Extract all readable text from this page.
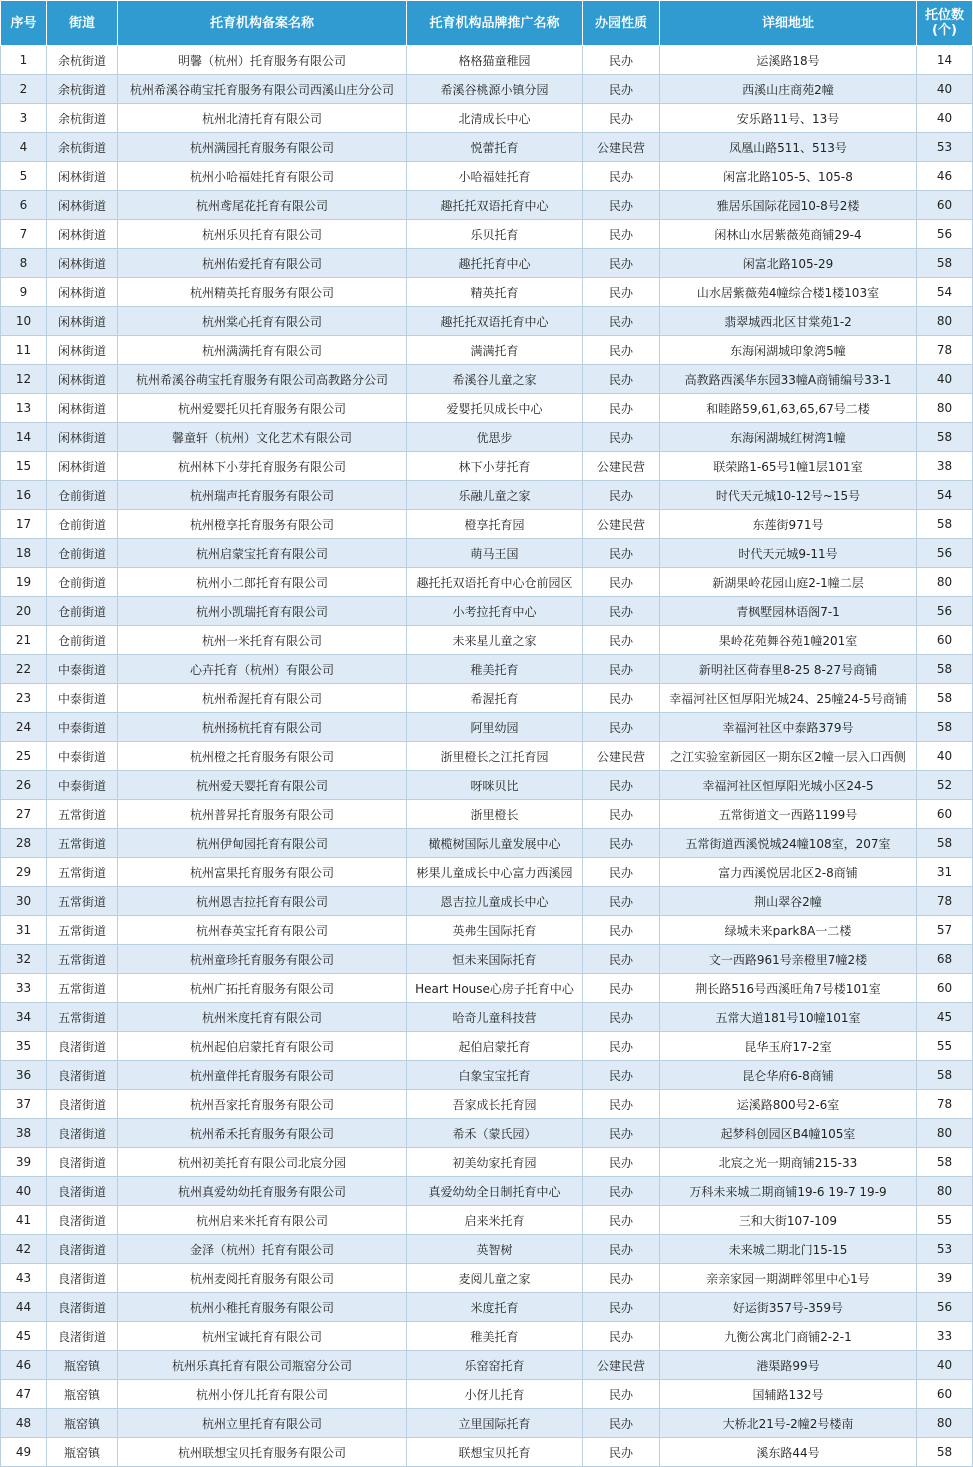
序号	街道	托育机构备案名称	托育机构品牌推广名称	办园性质	详细地址	托位数
(个)
1	余杭街道	明馨（杭州）托育服务有限公司	格格猫童稚园	民办	运溪路18号	14
2	余杭街道	杭州希溪谷萌宝托育服务有限公司西溪山庄分公司	希溪谷桃源小镇分园	民办	西溪山庄商苑2幢	40
3	余杭街道	杭州北清托育有限公司	北清成长中心	民办	安乐路11号、13号	40
4	余杭街道	杭州满园托育服务有限公司	悦蕾托育	公建民营	凤凰山路511、513号	53
5	闲林街道	杭州小哈福娃托育有限公司	小哈福娃托育	民办	闲富北路105-5、105-8	46
6	闲林街道	杭州鸢尾花托育有限公司	趣托托双语托育中心	民办	雅居乐国际花园10-8号2楼	60
7	闲林街道	杭州乐贝托育有限公司	乐贝托育	民办	闲林山水居紫薇苑商铺29-4	56
8	闲林街道	杭州佑爱托育有限公司	趣托托育中心	民办	闲富北路105-29	58
9	闲林街道	杭州精英托育服务有限公司	精英托育	民办	山水居紫薇苑4幢综合楼1楼103室	54
10	闲林街道	杭州棠心托育有限公司	趣托托双语托育中心	民办	翡翠城西北区甘棠苑1-2	80
11	闲林街道	杭州满满托育有限公司	满满托育	民办	东海闲湖城印象湾5幢	78
12	闲林街道	杭州希溪谷萌宝托育服务有限公司高教路分公司	希溪谷儿童之家	民办	高教路西溪华东园33幢A商铺编号33-1	40
13	闲林街道	杭州爱婴托贝托育服务有限公司	爱婴托贝成长中心	民办	和睦路59,61,63,65,67号二楼	80
14	闲林街道	馨童轩（杭州）文化艺术有限公司	优思步	民办	东海闲湖城红树湾1幢	58
15	闲林街道	杭州林下小芽托育服务有限公司	林下小芽托育	公建民营	联荣路1-65号1幢1层101室	38
16	仓前街道	杭州瑞声托育服务有限公司	乐融儿童之家	民办	时代天元城10-12号~15号	54
17	仓前街道	杭州橙享托育服务有限公司	橙享托育园	公建民营	东莲街971号	58
18	仓前街道	杭州启蒙宝托育有限公司	萌马王国	民办	时代天元城9-11号	56
19	仓前街道	杭州小二郎托育有限公司	趣托托双语托育中心仓前园区	民办	新湖果岭花园山庭2-1幢二层	80
20	仓前街道	杭州小凯瑞托育有限公司	小考拉托育中心	民办	青枫墅园林语阁7-1	56
21	仓前街道	杭州一米托育有限公司	未来星儿童之家	民办	果岭花苑舞谷苑1幢201室	60
22	中泰街道	心卉托育（杭州）有限公司	稚美托育	民办	新明社区荷春里8-25 8-27号商铺	58
23	中泰街道	杭州希渥托育有限公司	希渥托育	民办	幸福河社区恒厚阳光城24、25幢24-5号商铺	58
24	中泰街道	杭州扬杭托育有限公司	阿里幼园	民办	幸福河社区中泰路379号	58
25	中泰街道	杭州橙之托育服务有限公司	浙里橙长之江托育园	公建民营	之江实验室新园区一期东区2幢一层入口西侧	40
26	中泰街道	杭州爱天婴托育有限公司	呀咪贝比	民办	幸福河社区恒厚阳光城小区24-5	52
27	五常街道	杭州普昇托育服务有限公司	浙里橙长	民办	五常街道文一西路1199号	60
28	五常街道	杭州伊甸园托育有限公司	橄榄树国际儿童发展中心	民办	五常街道西溪悦城24幢108室，207室	58
29	五常街道	杭州富果托育服务有限公司	彬果儿童成长中心富力西溪园	民办	富力西溪悦居北区2-8商铺	31
30	五常街道	杭州恩吉拉托育有限公司	恩吉拉儿童成长中心	民办	荆山翠谷2幢	78
31	五常街道	杭州春英宝托育有限公司	英弗生国际托育	民办	绿城未来park8A一二楼	57
32	五常街道	杭州童珍托育服务有限公司	恒未来国际托育	民办	文一西路961号亲橙里7幢2楼	68
33	五常街道	杭州广拓托育服务有限公司	Heart House心房子托育中心	民办	荆长路516号西溪旺角7号楼101室	60
34	五常街道	杭州米度托育有限公司	哈奇儿童科技营	民办	五常大道181号10幢101室	45
35	良渚街道	杭州起伯启蒙托育有限公司	起伯启蒙托育	民办	昆华玉府17-2室	55
36	良渚街道	杭州童伴托育服务有限公司	白象宝宝托育	民办	昆仑华府6-8商铺	58
37	良渚街道	杭州吾家托育服务有限公司	吾家成长托育园	民办	运溪路800号2-6室	78
38	良渚街道	杭州希禾托育服务有限公司	希禾（蒙氏园）	民办	起梦科创园区B4幢105室	80
39	良渚街道	杭州初美托育有限公司北宸分园	初美幼家托育园	民办	北宸之光一期商铺215-33	58
40	良渚街道	杭州真爱幼幼托育服务有限公司	真爱幼幼全日制托育中心	民办	万科未来城二期商铺19-6 19-7 19-9	80
41	良渚街道	杭州启来米托育有限公司	启来米托育	民办	三和大街107-109	55
42	良渚街道	金泽（杭州）托育有限公司	英智树	民办	未来城二期北门15-15	53
43	良渚街道	杭州麦阅托育服务有限公司	麦阅儿童之家	民办	亲亲家园一期湖畔邻里中心1号	39
44	良渚街道	杭州小稚托育服务有限公司	米度托育	民办	好运街357号-359号	56
45	良渚街道	杭州宝诚托育有限公司	稚美托育	民办	九衡公寓北门商铺2-2-1	33
46	瓶窑镇	杭州乐真托育有限公司瓶窑分公司	乐窑窑托育	公建民营	港渠路99号	40
47	瓶窑镇	杭州小伢儿托育有限公司	小伢儿托育	民办	国辅路132号	60
48	瓶窑镇	杭州立里托育有限公司	立里国际托育	民办	大桥北21号-2幢2号楼南	80
49	瓶窑镇	杭州联想宝贝托育服务有限公司	联想宝贝托育	民办	溪东路44号	58
